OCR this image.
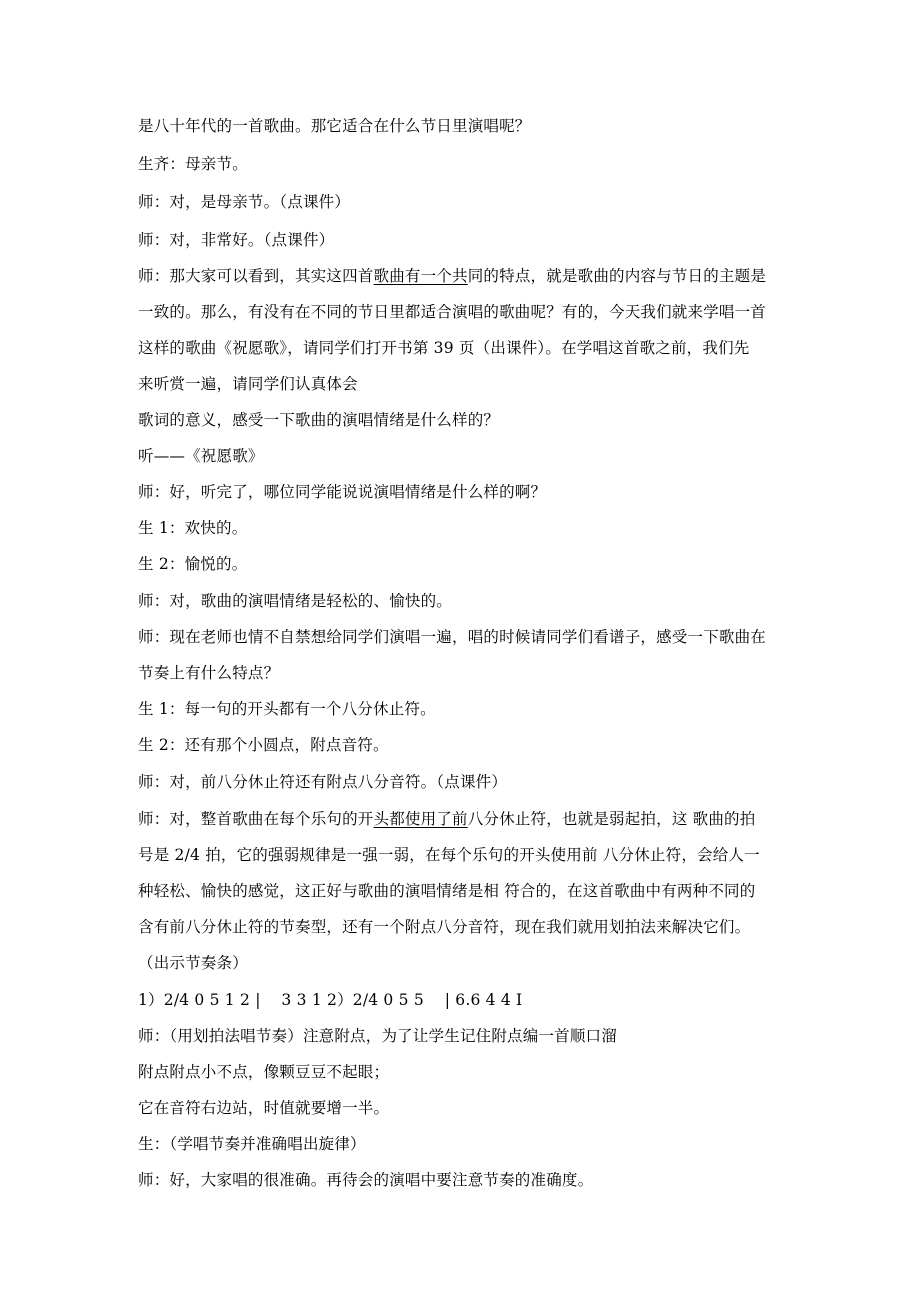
是八十年代的一首歌曲。那它适合在什么节日里演唱呢？
生齐：母亲节。
师：对，是母亲节。（点课件）
师：对，非常好。（点课件）
师：那大家可以看到，其实这四首歌曲有一个共同的特点，就是歌曲的内容与节日的主题是
一致的。那么，有没有在不同的节日里都适合演唱的歌曲呢？有的，今天我们就来学唱一首
这样的歌曲《祝愿歌》，请同学们打开书第 39 页（出课件）。在学唱这首歌之前，我们先
来听赏一遍，请同学们认真体会
歌词的意义，感受一下歌曲的演唱情绪是什么样的？
听——《祝愿歌》
师：好，听完了，哪位同学能说说演唱情绪是什么样的啊？
生 1：欢快的。
生 2：愉悦的。
师：对，歌曲的演唱情绪是轻松的、愉快的。
师：现在老师也情不自禁想给同学们演唱一遍，唱的时候请同学们看谱子，感受一下歌曲在
节奏上有什么特点？
生 1：每一句的开头都有一个八分休止符。
生 2：还有那个小圆点，附点音符。
师：对，前八分休止符还有附点八分音符。（点课件）
师：对，整首歌曲在每个乐句的开头都使用了前八分休止符，也就是弱起拍，这 歌曲的拍
号是 2/4 拍，它的强弱规律是一强一弱，在每个乐句的开头使用前 八分休止符，会给人一
种轻松、愉快的感觉，这正好与歌曲的演唱情绪是相 符合的，在这首歌曲中有两种不同的
含有前八分休止符的节奏型，还有一个附点八分音符，现在我们就用划拍法来解决它们。
（出示节奏条）
1）2/4 0 5 1 2 |　 3 3 1 2）2/4 0 5 5 　| 6.6 4 4 I
师：（用划拍法唱节奏）注意附点，为了让学生记住附点编一首顺口溜
附点附点小不点，像颗豆豆不起眼；
它在音符右边站，时值就要增一半。
生：（学唱节奏并准确唱出旋律）
师：好，大家唱的很准确。再待会的演唱中要注意节奏的准确度。
